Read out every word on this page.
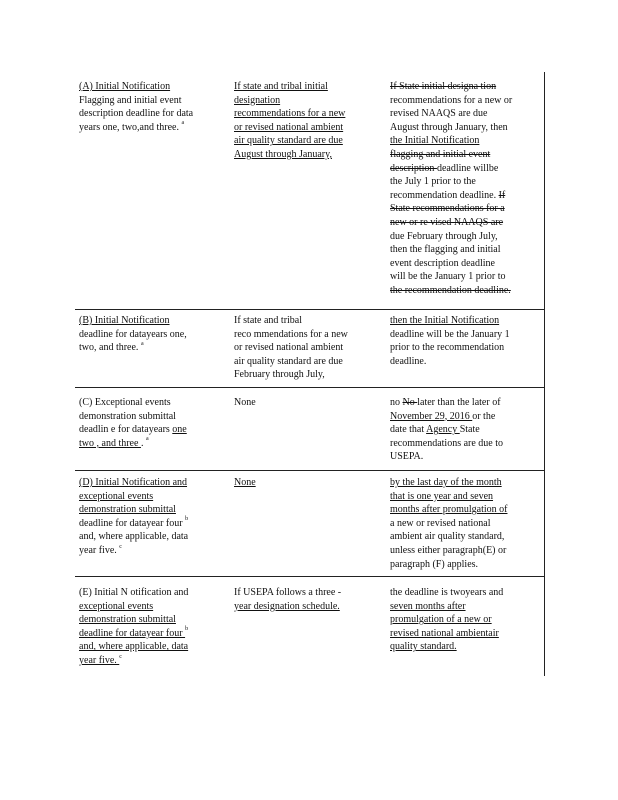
(A) Initial Notification
Flagging and initial event
description deadline for data
years one, two,and three. $^a$
If state and tribal initial
designation
recommendations for a new
or revised national ambient
air quality standard are due
August through January,
If State initial designa tion
recommendations for a new or
revised NAAQS are due
August through January, then
the Initial Notification
flagging and initial event
description deadline willbe
the July 1 prior to the
recommendation deadline. If
State recommendations for a
new or re vised NAAQS are
due February through July,
then the flagging and initial
event description deadline
will be the January 1 prior to
the recommendation deadline.
(B) Initial Notification
deadline for datayears one,
two, and three. $^a$
If state and tribal
reco mmendations for a new
or revised national ambient
air quality standard are due
February through July,
then the Initial Notification
deadline will be the January 1
prior to the recommendation
deadline.
(C) Exceptional events
demonstration submittal
deadlin e for datayears one
two , and three . $^a$
None	no No later than the later of
November 29, 2016 or the
date that Agency State
recommendations are due to
USEPA.
(D) Initial Notification and
exceptional events
demonstration submittal
deadline for datayear four $^b$
and, where applicable, data
year five. $^c$
None	by the last day of the month
that is one year and seven
months after promulgation of
a new or revised national
ambient air quality standard,
unless either paragraph(E) or
paragraph (F) applies.
(E) Initial N otification and
exceptional events
demonstration submittal
deadline for datayear four $^b$
and, where applicable, data
year five. $^c$
If USEPA follows a three -
year designation schedule.
the deadline is twoyears and
seven months after
promulgation of a new or
revised national ambientair
quality standard.
